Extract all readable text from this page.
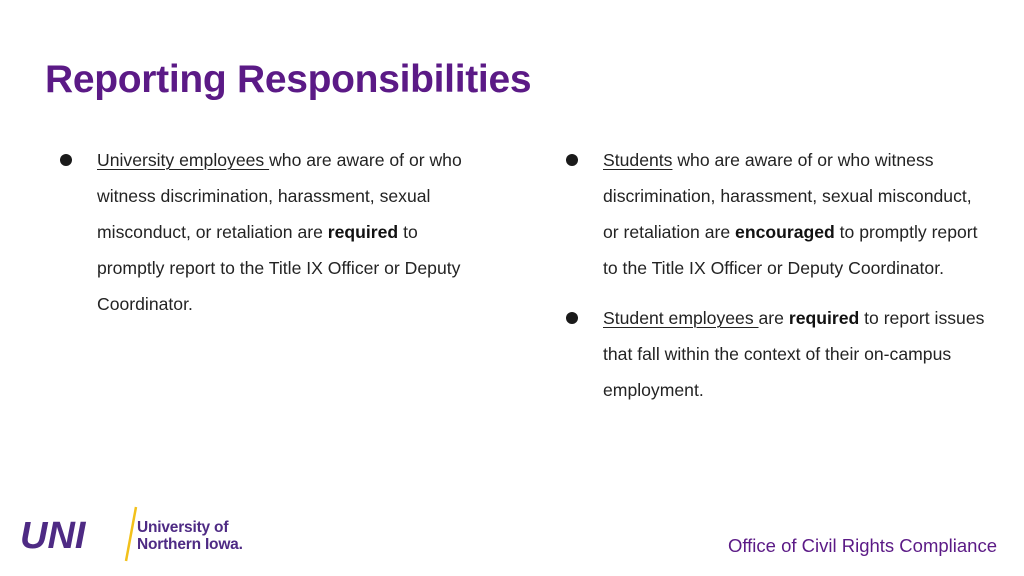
Reporting Responsibilities
University employees who are aware of or who witness discrimination, harassment, sexual misconduct, or retaliation are required to promptly report to the Title IX Officer or Deputy Coordinator.
Students who are aware of or who witness discrimination, harassment, sexual misconduct, or retaliation are encouraged to promptly report to the Title IX Officer or Deputy Coordinator.
Student employees are required to report issues that fall within the context of their on-campus employment.
UNI	University of
Northern Iowa.	Office of Civil Rights Compliance
